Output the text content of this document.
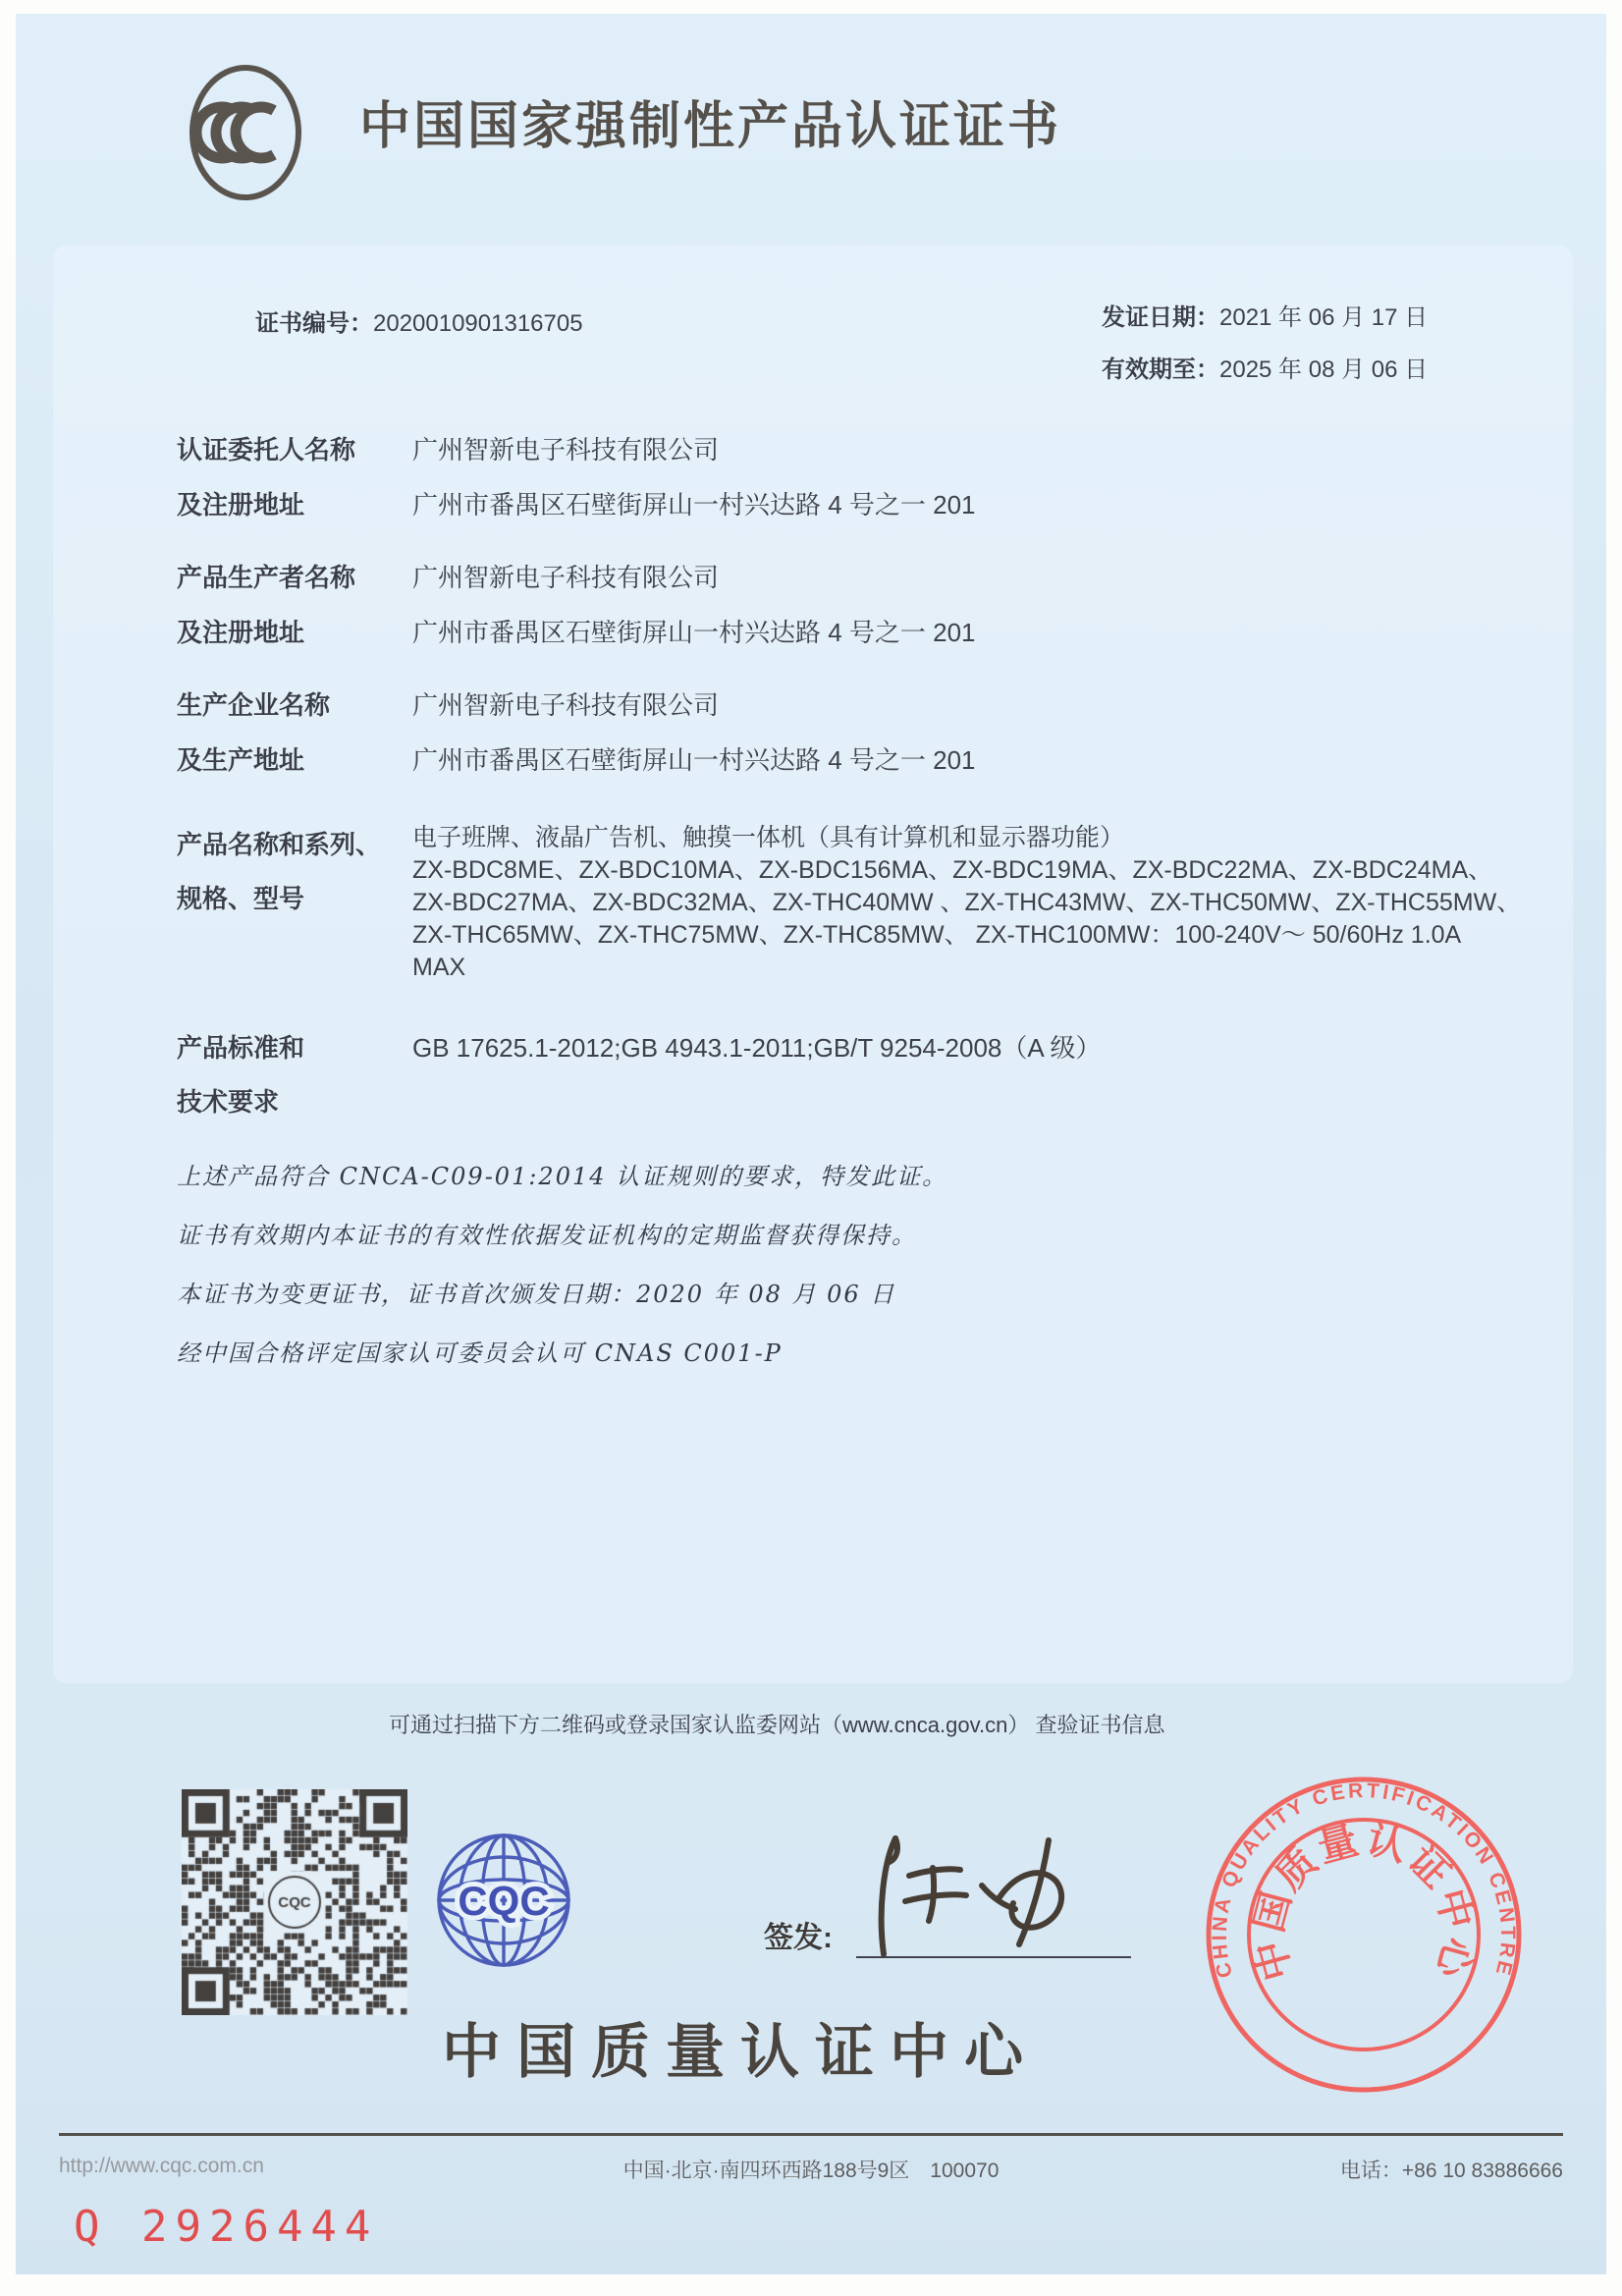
中国国家强制性产品认证证书
证书编号：2020010901316705	发证日期：2021 年 06 月 17 日
有效期至：2025 年 08 月 06 日
认证委托人名称 广州智新电子科技有限公司
及注册地址	广州市番禺区石壁街屏山一村兴达路 4 号之一 201
产品生产者名称 广州智新电子科技有限公司
及注册地址	广州市番禺区石壁街屏山一村兴达路 4 号之一 201
生产企业名称	广州智新电子科技有限公司
及生产地址	广州市番禺区石壁街屏山一村兴达路 4 号之一 201
产品名称和系列、
规格、型号
电子班牌、液晶广告机、触摸一体机（具有计算机和显示器功能）
ZX-BDC8ME、ZX-BDC10MA、ZX-BDC156MA、ZX-BDC19MA、ZX-BDC22MA、ZX-BDC24MA、
ZX-BDC27MA、ZX-BDC32MA、ZX-THC40MW 、ZX-THC43MW、ZX-THC50MW、ZX-THC55MW、
ZX-THC65MW、ZX-THC75MW、ZX-THC85MW、 ZX-THC100MW：100-240V～ 50/60Hz 1.0A
MAX
产品标准和
技术要求
GB 17625.1-2012;GB 4943.1-2011;GB/T 9254-2008（A 级）
上述产品符合 CNCA-C09-01:2014 认证规则的要求，特发此证。
证书有效期内本证书的有效性依据发证机构的定期监督获得保持。
本证书为变更证书，证书首次颁发日期：2020 年 08 月 06 日
经中国合格评定国家认可委员会认可 CNAS C001-P
可通过扫描下方二维码或登录国家认监委网站（www.cnca.gov.cn） 查验证书信息
CQC
签发:
中国质量认证中心
CHINA QUALITY CERTIFICATION CENTRE
中国质量认证中心
http://www.cqc.com.cn	中国·北京·南四环西路188号9区　100070	电话：+86 10 83886666
Q 2926444
